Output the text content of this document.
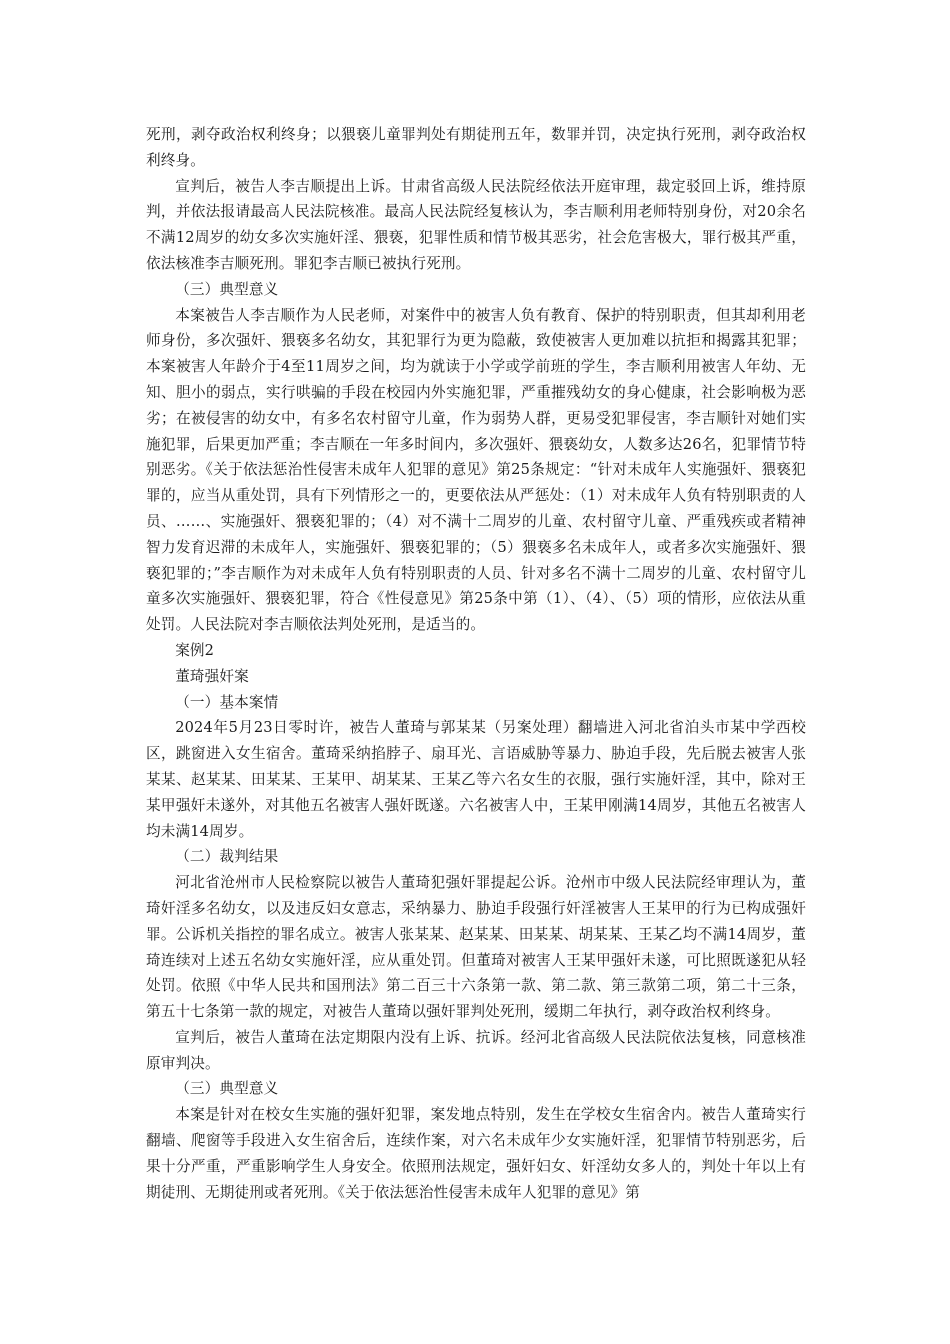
死刑，剥夺政治权利终身；以猥亵儿童罪判处有期徒刑五年，数罪并罚，决定执行死刑，剥夺政治权利终身。

宣判后，被告人李吉顺提出上诉。甘肃省高级人民法院经依法开庭审理，裁定驳回上诉，维持原判，并依法报请最高人民法院核准。最高人民法院经复核认为，李吉顺利用老师特别身份，对20余名不满12周岁的幼女多次实施奸淫、猥亵，犯罪性质和情节极其恶劣，社会危害极大，罪行极其严重，依法核准李吉顺死刑。罪犯李吉顺已被执行死刑。

（三）典型意义

本案被告人李吉顺作为人民老师，对案件中的被害人负有教育、保护的特别职责，但其却利用老师身份，多次强奸、猥亵多名幼女，其犯罪行为更为隐蔽，致使被害人更加难以抗拒和揭露其犯罪；本案被害人年龄介于4至11周岁之间，均为就读于小学或学前班的学生，李吉顺利用被害人年幼、无知、胆小的弱点，实行哄骗的手段在校园内外实施犯罪，严重摧残幼女的身心健康，社会影响极为恶劣；在被侵害的幼女中，有多名农村留守儿童，作为弱势人群，更易受犯罪侵害，李吉顺针对她们实施犯罪，后果更加严重；李吉顺在一年多时间内，多次强奸、猥亵幼女，人数多达26名，犯罪情节特别恶劣。《关于依法惩治性侵害未成年人犯罪的意见》第25条规定：“针对未成年人实施强奸、猥亵犯罪的，应当从重处罚，具有下列情形之一的，更要依法从严惩处：（1）对未成年人负有特别职责的人员、……、实施强奸、猥亵犯罪的；（4）对不满十二周岁的儿童、农村留守儿童、严重残疾或者精神智力发育迟滞的未成年人，实施强奸、猥亵犯罪的；（5）猥亵多名未成年人，或者多次实施强奸、猥亵犯罪的；”李吉顺作为对未成年人负有特别职责的人员、针对多名不满十二周岁的儿童、农村留守儿童多次实施强奸、猥亵犯罪，符合《性侵意见》第25条中第（1）、（4）、（5）项的情形，应依法从重处罚。人民法院对李吉顺依法判处死刑，是适当的。

案例2

董琦强奸案

（一）基本案情

2024年5月23日零时许，被告人董琦与郭某某（另案处理）翻墙进入河北省泊头市某中学西校区，跳窗进入女生宿舍。董琦采纳掐脖子、扇耳光、言语威胁等暴力、胁迫手段，先后脱去被害人张某某、赵某某、田某某、王某甲、胡某某、王某乙等六名女生的衣服，强行实施奸淫，其中，除对王某甲强奸未遂外，对其他五名被害人强奸既遂。六名被害人中，王某甲刚满14周岁，其他五名被害人均未满14周岁。

（二）裁判结果

河北省沧州市人民检察院以被告人董琦犯强奸罪提起公诉。沧州市中级人民法院经审理认为，董琦奸淫多名幼女，以及违反妇女意志，采纳暴力、胁迫手段强行奸淫被害人王某甲的行为已构成强奸罪。公诉机关指控的罪名成立。被害人张某某、赵某某、田某某、胡某某、王某乙均不满14周岁，董琦连续对上述五名幼女实施奸淫，应从重处罚。但董琦对被害人王某甲强奸未遂，可比照既遂犯从轻处罚。依照《中华人民共和国刑法》第二百三十六条第一款、第二款、第三款第二项，第二十三条，第五十七条第一款的规定，对被告人董琦以强奸罪判处死刑，缓期二年执行，剥夺政治权利终身。

宣判后，被告人董琦在法定期限内没有上诉、抗诉。经河北省高级人民法院依法复核，同意核准原审判决。

（三）典型意义

本案是针对在校女生实施的强奸犯罪，案发地点特别，发生在学校女生宿舍内。被告人董琦实行翻墙、爬窗等手段进入女生宿舍后，连续作案，对六名未成年少女实施奸淫，犯罪情节特别恶劣，后果十分严重，严重影响学生人身安全。依照刑法规定，强奸妇女、奸淫幼女多人的，判处十年以上有期徒刑、无期徒刑或者死刑。《关于依法惩治性侵害未成年人犯罪的意见》第
